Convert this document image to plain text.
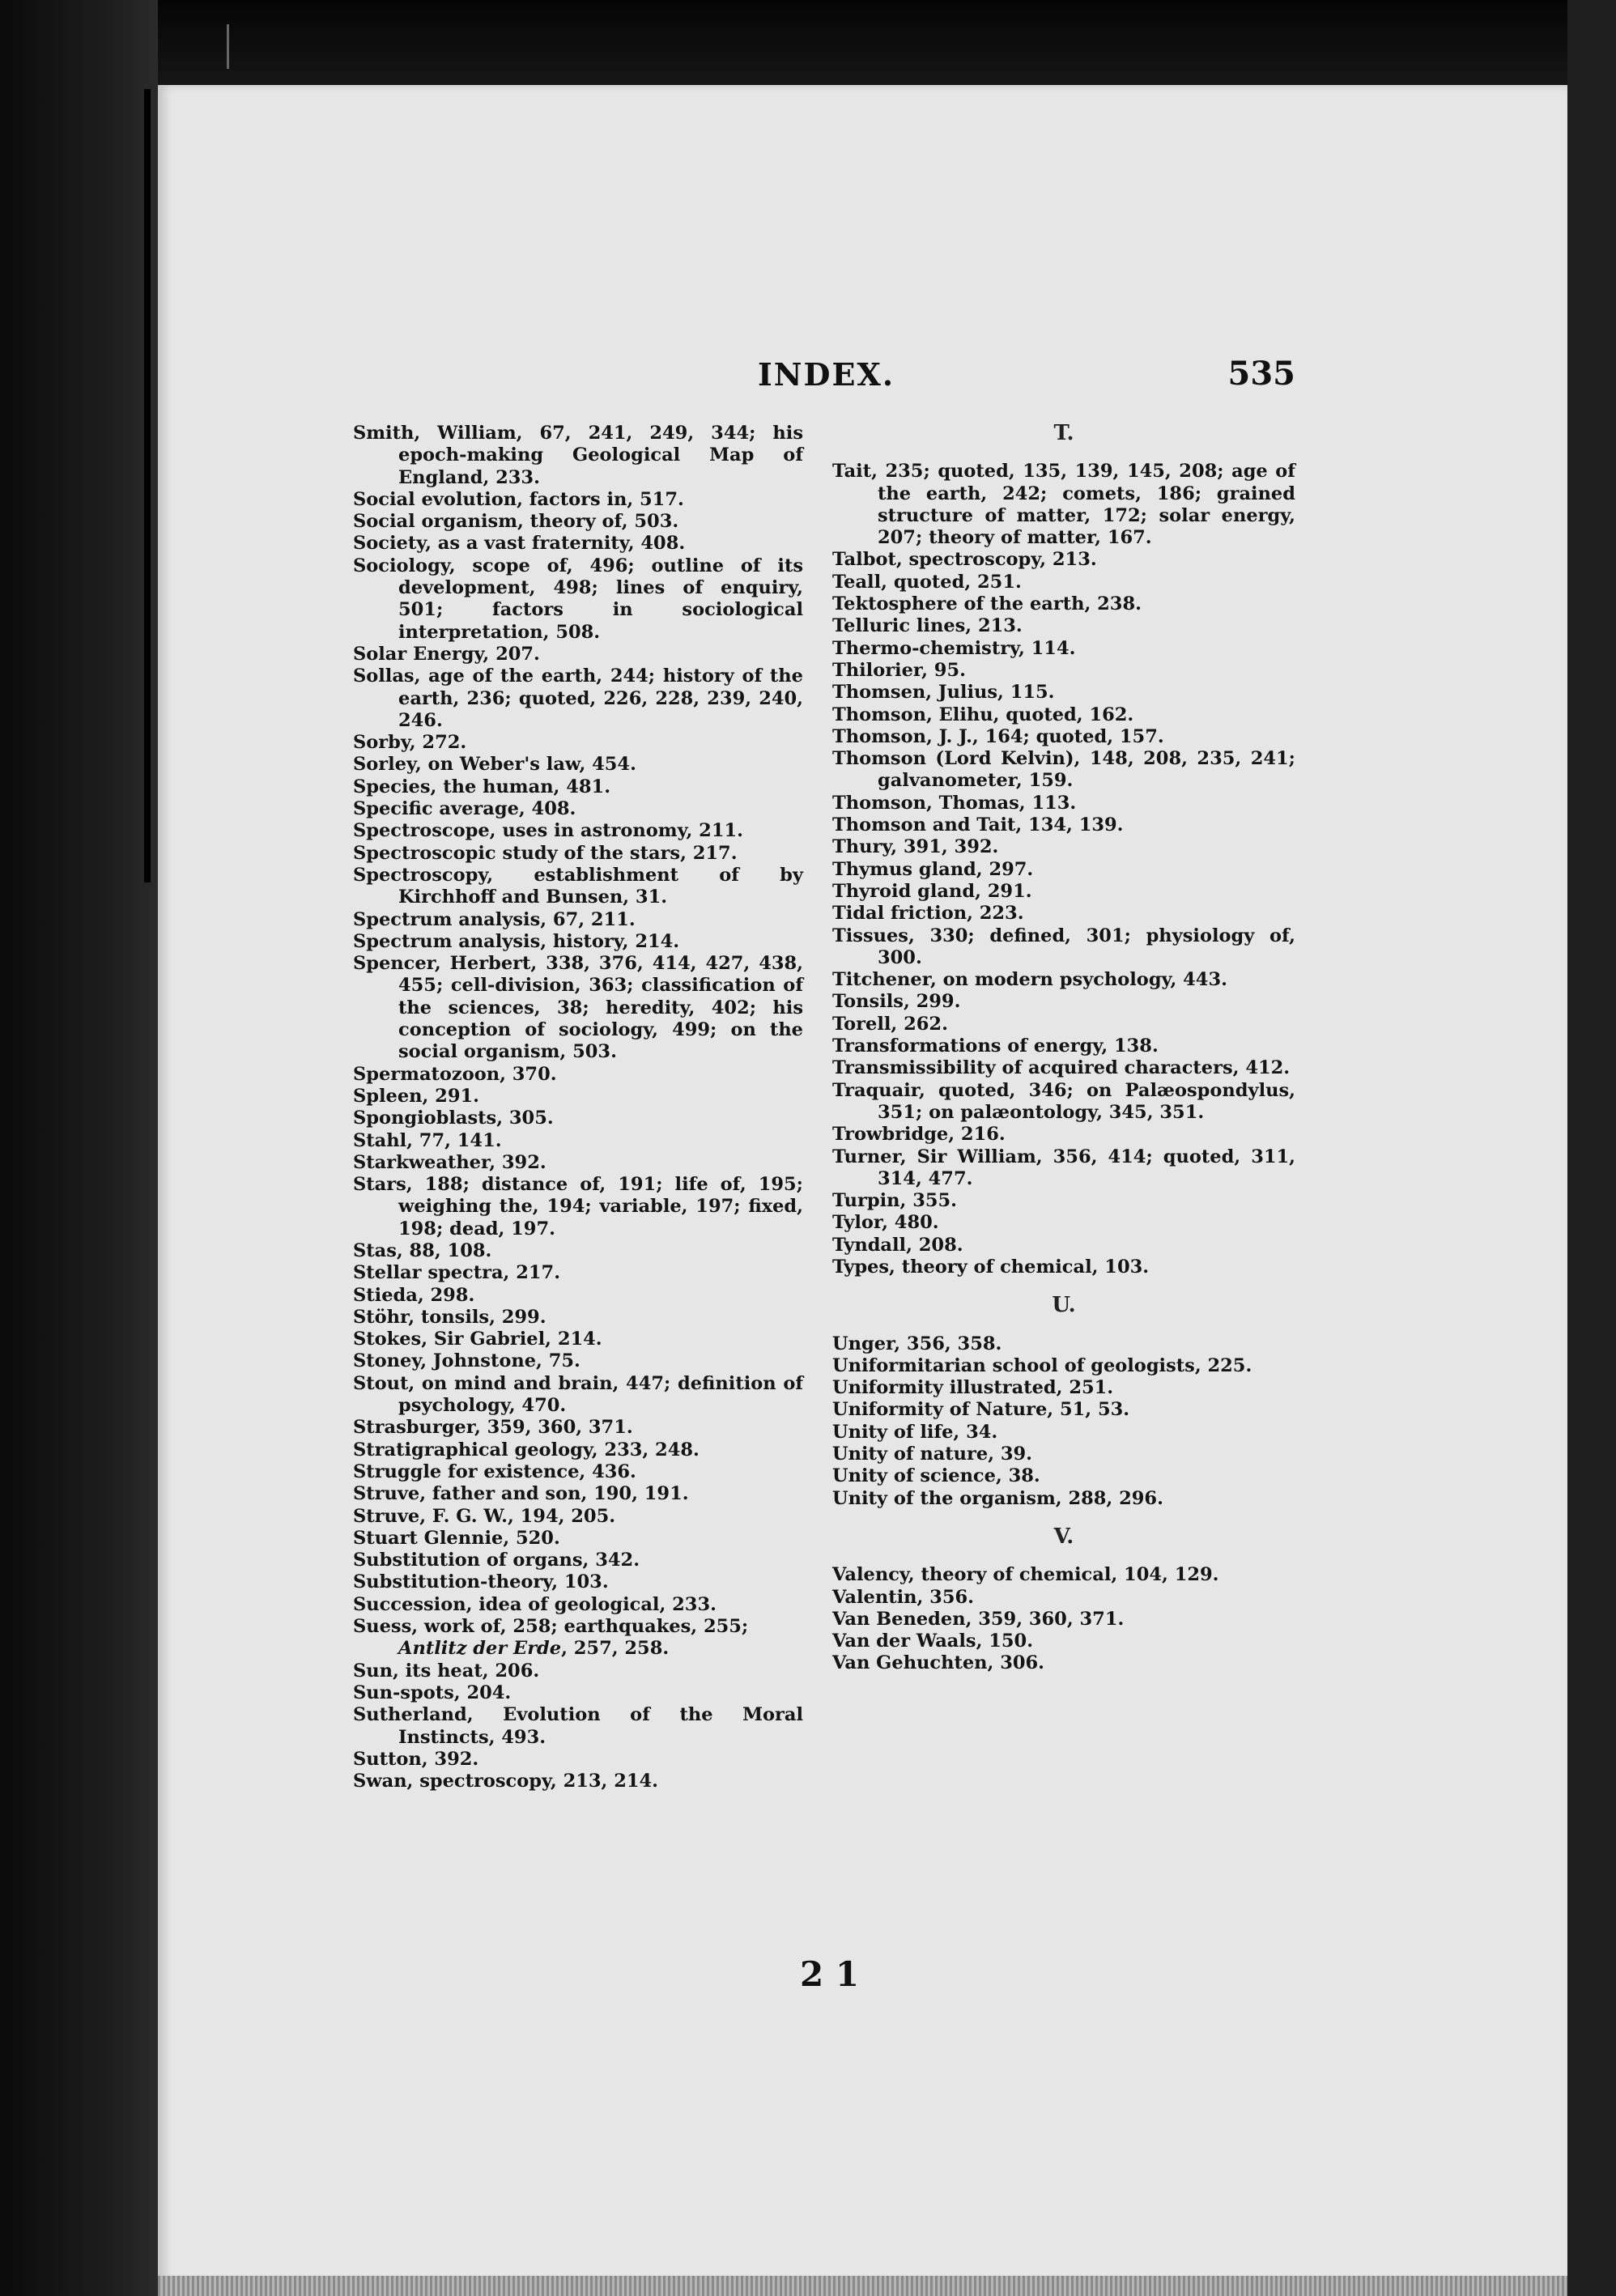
INDEX.	535
Smith, William, 67, 241, 249, 344; his epoch-making Geological Map of England, 233.
Social evolution, factors in, 517.
Social organism, theory of, 503.
Society, as a vast fraternity, 408.
Sociology, scope of, 496; outline of its development, 498; lines of enquiry, 501; factors in sociological interpretation, 508.
Solar Energy, 207.
Sollas, age of the earth, 244; history of the earth, 236; quoted, 226, 228, 239, 240, 246.
Sorby, 272.
Sorley, on Weber's law, 454.
Species, the human, 481.
Specific average, 408.
Spectroscope, uses in astronomy, 211.
Spectroscopic study of the stars, 217.
Spectroscopy, establishment of by Kirchhoff and Bunsen, 31.
Spectrum analysis, 67, 211.
Spectrum analysis, history, 214.
Spencer, Herbert, 338, 376, 414, 427, 438, 455; cell-division, 363; classification of the sciences, 38; heredity, 402; his conception of sociology, 499; on the social organism, 503.
Spermatozoon, 370.
Spleen, 291.
Spongioblasts, 305.
Stahl, 77, 141.
Starkweather, 392.
Stars, 188; distance of, 191; life of, 195; weighing the, 194; variable, 197; fixed, 198; dead, 197.
Stas, 88, 108.
Stellar spectra, 217.
Stieda, 298.
Stöhr, tonsils, 299.
Stokes, Sir Gabriel, 214.
Stoney, Johnstone, 75.
Stout, on mind and brain, 447; definition of psychology, 470.
Strasburger, 359, 360, 371.
Stratigraphical geology, 233, 248.
Struggle for existence, 436.
Struve, father and son, 190, 191.
Struve, F. G. W., 194, 205.
Stuart Glennie, 520.
Substitution of organs, 342.
Substitution-theory, 103.
Succession, idea of geological, 233.
Suess, work of, 258; earthquakes, 255;
Antlitz der Erde, 257, 258.
Sun, its heat, 206.
Sun-spots, 204.
Sutherland, Evolution of the Moral Instincts, 493.
Sutton, 392.
Swan, spectroscopy, 213, 214.
T.
Tait, 235; quoted, 135, 139, 145, 208; age of the earth, 242; comets, 186; grained structure of matter, 172; solar energy, 207; theory of matter, 167.
Talbot, spectroscopy, 213.
Teall, quoted, 251.
Tektosphere of the earth, 238.
Telluric lines, 213.
Thermo-chemistry, 114.
Thilorier, 95.
Thomsen, Julius, 115.
Thomson, Elihu, quoted, 162.
Thomson, J. J., 164; quoted, 157.
Thomson (Lord Kelvin), 148, 208, 235, 241; galvanometer, 159.
Thomson, Thomas, 113.
Thomson and Tait, 134, 139.
Thury, 391, 392.
Thymus gland, 297.
Thyroid gland, 291.
Tidal friction, 223.
Tissues, 330; defined, 301; physiology of, 300.
Titchener, on modern psychology, 443.
Tonsils, 299.
Torell, 262.
Transformations of energy, 138.
Transmissibility of acquired characters, 412.
Traquair, quoted, 346; on Palæospondylus, 351; on palæontology, 345, 351.
Trowbridge, 216.
Turner, Sir William, 356, 414; quoted, 311, 314, 477.
Turpin, 355.
Tylor, 480.
Tyndall, 208.
Types, theory of chemical, 103.
U.
Unger, 356, 358.
Uniformitarian school of geologists, 225.
Uniformity illustrated, 251.
Uniformity of Nature, 51, 53.
Unity of life, 34.
Unity of nature, 39.
Unity of science, 38.
Unity of the organism, 288, 296.
V.
Valency, theory of chemical, 104, 129.
Valentin, 356.
Van Beneden, 359, 360, 371.
Van der Waals, 150.
Van Gehuchten, 306.
2 1
